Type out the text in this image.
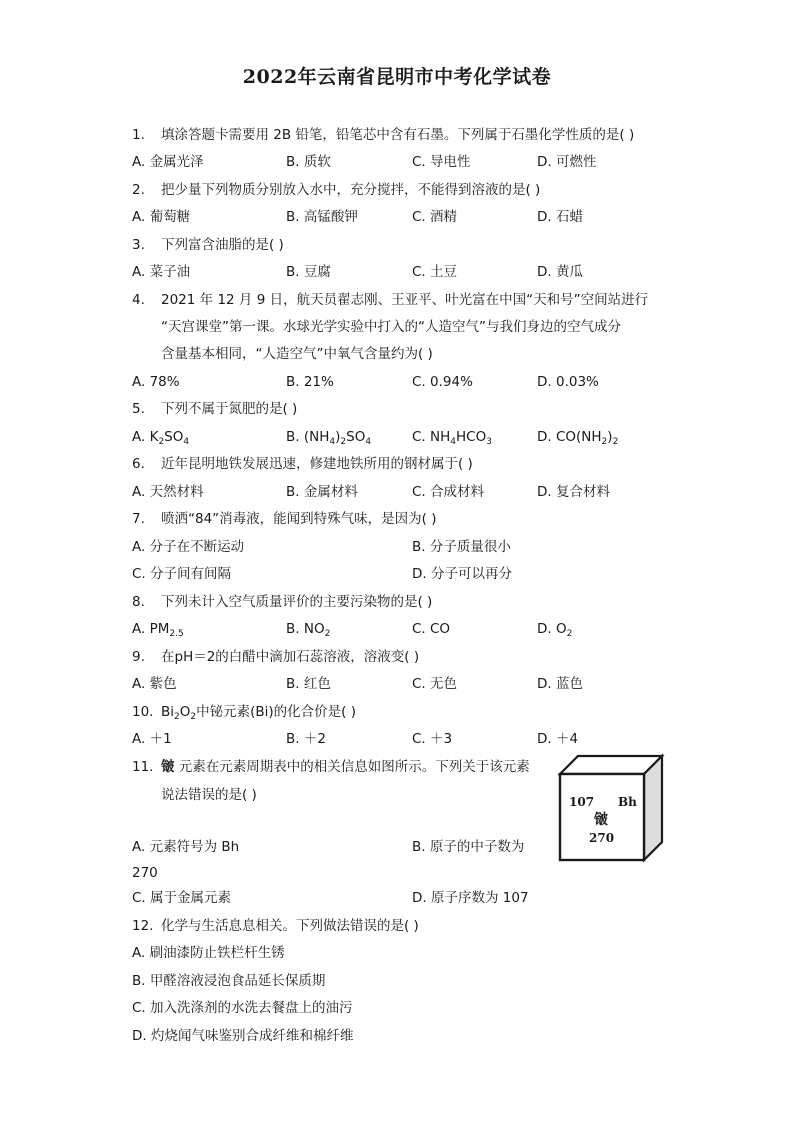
2022年云南省昆明市中考化学试卷
1.	填涂答题卡需要用 2B 铅笔，铅笔芯中含有石墨。下列属于石墨化学性质的是( )
A. 金属光泽	B. 质软	C. 导电性	D. 可燃性
2.	把少量下列物质分别放入水中，充分搅拌，不能得到溶液的是( )
A. 葡萄糖	B. 高锰酸钾	C. 酒精	D. 石蜡
3.	下列富含油脂的是( )
A. 菜子油	B. 豆腐	C. 土豆	D. 黄瓜
4.	2021 年 12 月 9 日，航天员翟志刚、王亚平、叶光富在中国“天和号”空间站进行
“天宫课堂”第一课。水球光学实验中打入的“人造空气”与我们身边的空气成分
含量基本相同，“人造空气”中氧气含量约为( )
A. 78%	B. 21%	C. 0.94%	D. 0.03%
5.	下列不属于氮肥的是( )
A. $K_2SO_4$	B. $(NH_4)_2SO_4$	C. $NH_4HCO_3$	D. $CO(NH_2)_2$
6.	近年昆明地铁发展迅速，修建地铁所用的钢材属于( )
A. 天然材料	B. 金属材料	C. 合成材料	D. 复合材料
7.	喷洒“84”消毒液，能闻到特殊气味，是因为( )
A. 分子在不断运动	B. 分子质量很小
C. 分子间有间隔	D. 分子可以再分
8.	下列未计入空气质量评价的主要污染物的是( )
A. $PM_{2.5}$	B. $NO_2$	C. CO	D. $O_2$
9.	在pH＝2的白醋中滴加石蕊溶液，溶液变( )
A. 紫色	B. 红色	C. 无色	D. 蓝色
10. $Bi_2O_2$中铋元素(Bi)的化合价是( )
A. ＋1	B. ＋2	C. ＋3	D. ＋4
11. 𬭛 元素在元素周期表中的相关信息如图所示。下列关于该元素
说法错误的是( )	107 Bh
𬭛
270
A. 元素符号为 Bh	B. 原子的中子数为
270
C. 属于金属元素	D. 原子序数为 107
12. 化学与生活息息相关。下列做法错误的是( )
A. 刷油漆防止铁栏杆生锈
B. 甲醛溶液浸泡食品延长保质期
C. 加入洗涤剂的水洗去餐盘上的油污
D. 灼烧闻气味鉴别合成纤维和棉纤维
